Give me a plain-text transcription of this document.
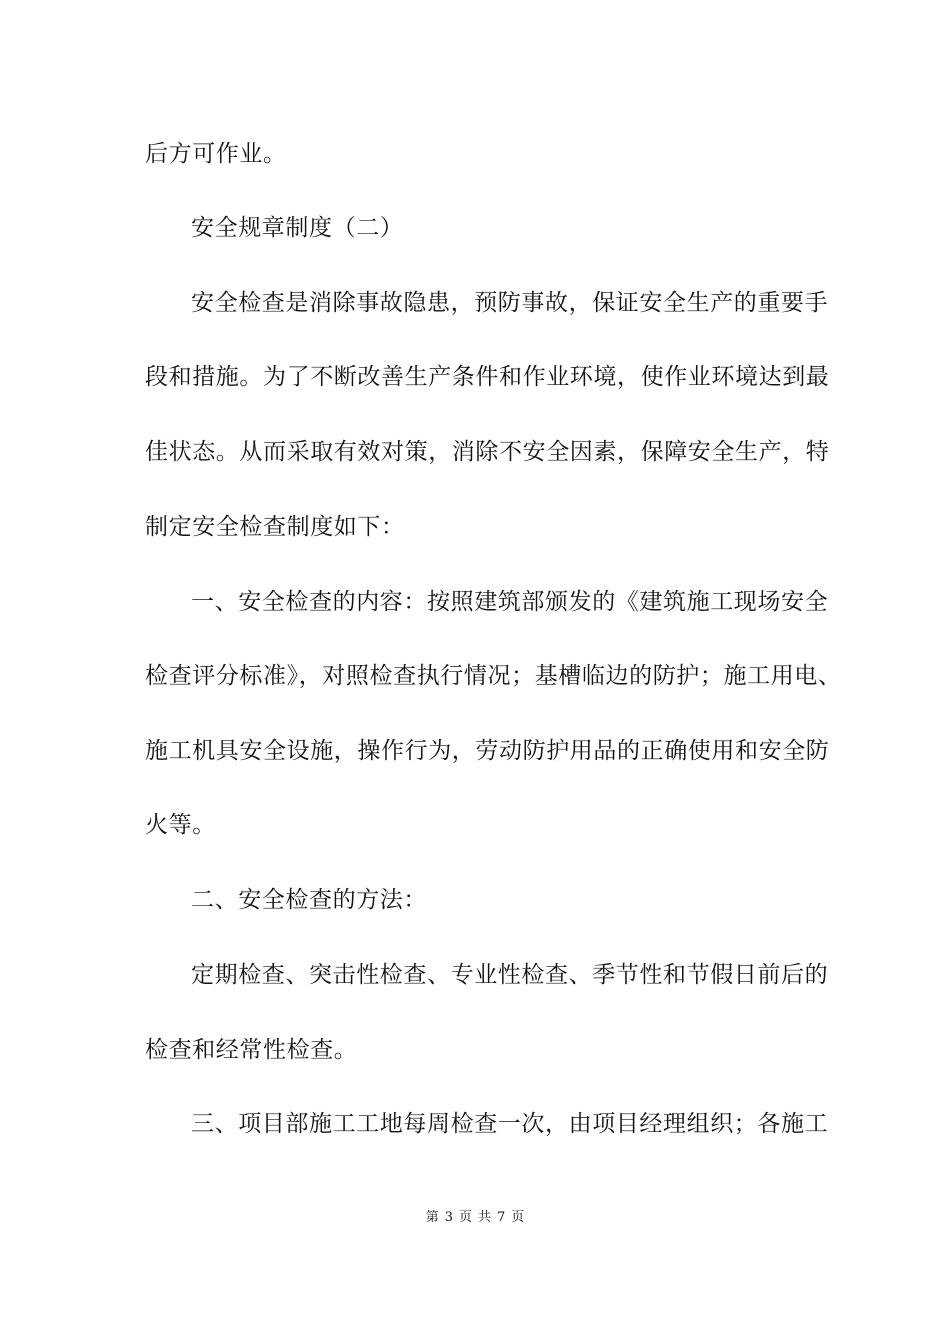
后方可作业。
安全规章制度（二）
安全检查是消除事故隐患，预防事故，保证安全生产的重要手
段和措施。为了不断改善生产条件和作业环境，使作业环境达到最
佳状态。从而采取有效对策，消除不安全因素，保障安全生产，特
制定安全检查制度如下：
一、安全检查的内容：按照建筑部颁发的《建筑施工现场安全
检查评分标准》，对照检查执行情况；基槽临边的防护；施工用电、
施工机具安全设施，操作行为，劳动防护用品的正确使用和安全防
火等。
二、安全检查的方法：
定期检查、突击性检查、专业性检查、季节性和节假日前后的
检查和经常性检查。
三、项目部施工工地每周检查一次，由项目经理组织；各施工
第 3 页 共 7 页
